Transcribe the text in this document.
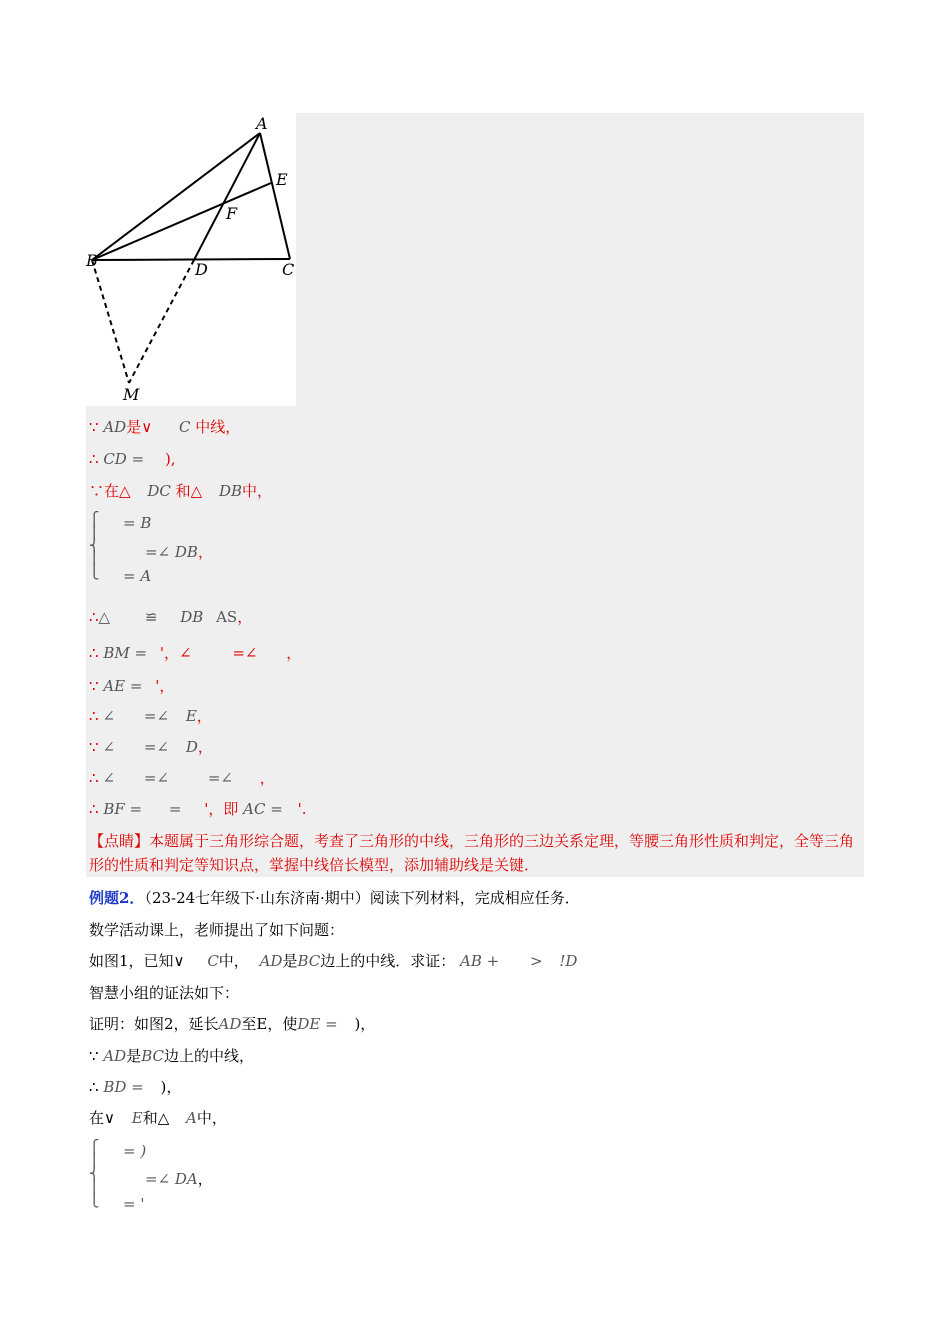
A
B	C
D
E
F
M
∵ AD是∨ C 中线，
∴ CD = ),
∵在△ DC 和△ DB中，
⎧
⎪
⎨
⎪
⎩
= B
=∠ DB，
= A
∴△ ≌ DB AS，
∴ BM = '，∠	=∠ ，
∵ AE = '，
∴ ∠ =∠ E，
∵ ∠ =∠ D，
∴ ∠ =∠	=∠ ，
∴ BF = = '，即 AC = '.
【点睛】本题属于三角形综合题，考查了三角形的中线，三角形的三边关系定理，等腰三角形性质和判定，全等三角形的性质和判定等知识点，掌握中线倍长模型，添加辅助线是关键．
例题2．（23-24七年级下·山东济南·期中）阅读下列材料，完成相应任务．
数学活动课上，老师提出了如下问题：
如图1，已知∨ C中， AD是BC边上的中线．求证： AB + > !D
智慧小组的证法如下：
证明：如图2，延长AD至E，使DE = )，
∵ AD是BC边上的中线，
∴ BD = )，
在∨ E和△ A中，
⎧
⎪
⎨
⎪
⎩
= )
=∠ DA，
= '
